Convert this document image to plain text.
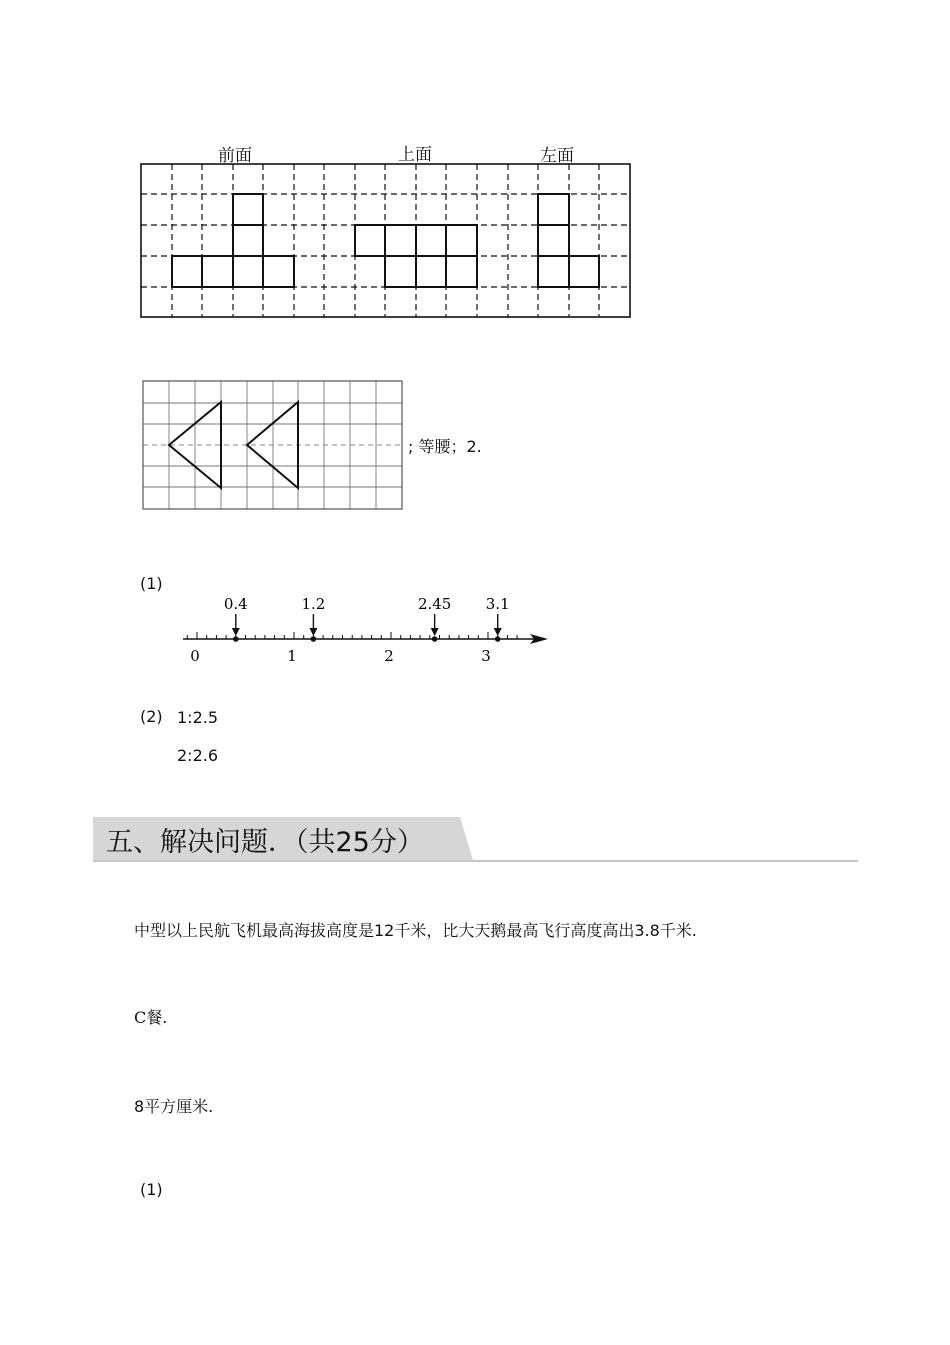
前面	上面	左面
; 等腰；2.
(1)
0	1	2	3
0.4	1.2	2.45 3.1
(2) 1:2.5
2:2.6
五、解决问题．（共25分）
中型以上民航飞机最高海拔高度是12千米，比大天鹅最高飞行高度高出3.8千米.
C餐.
8平方厘米.
(1)
